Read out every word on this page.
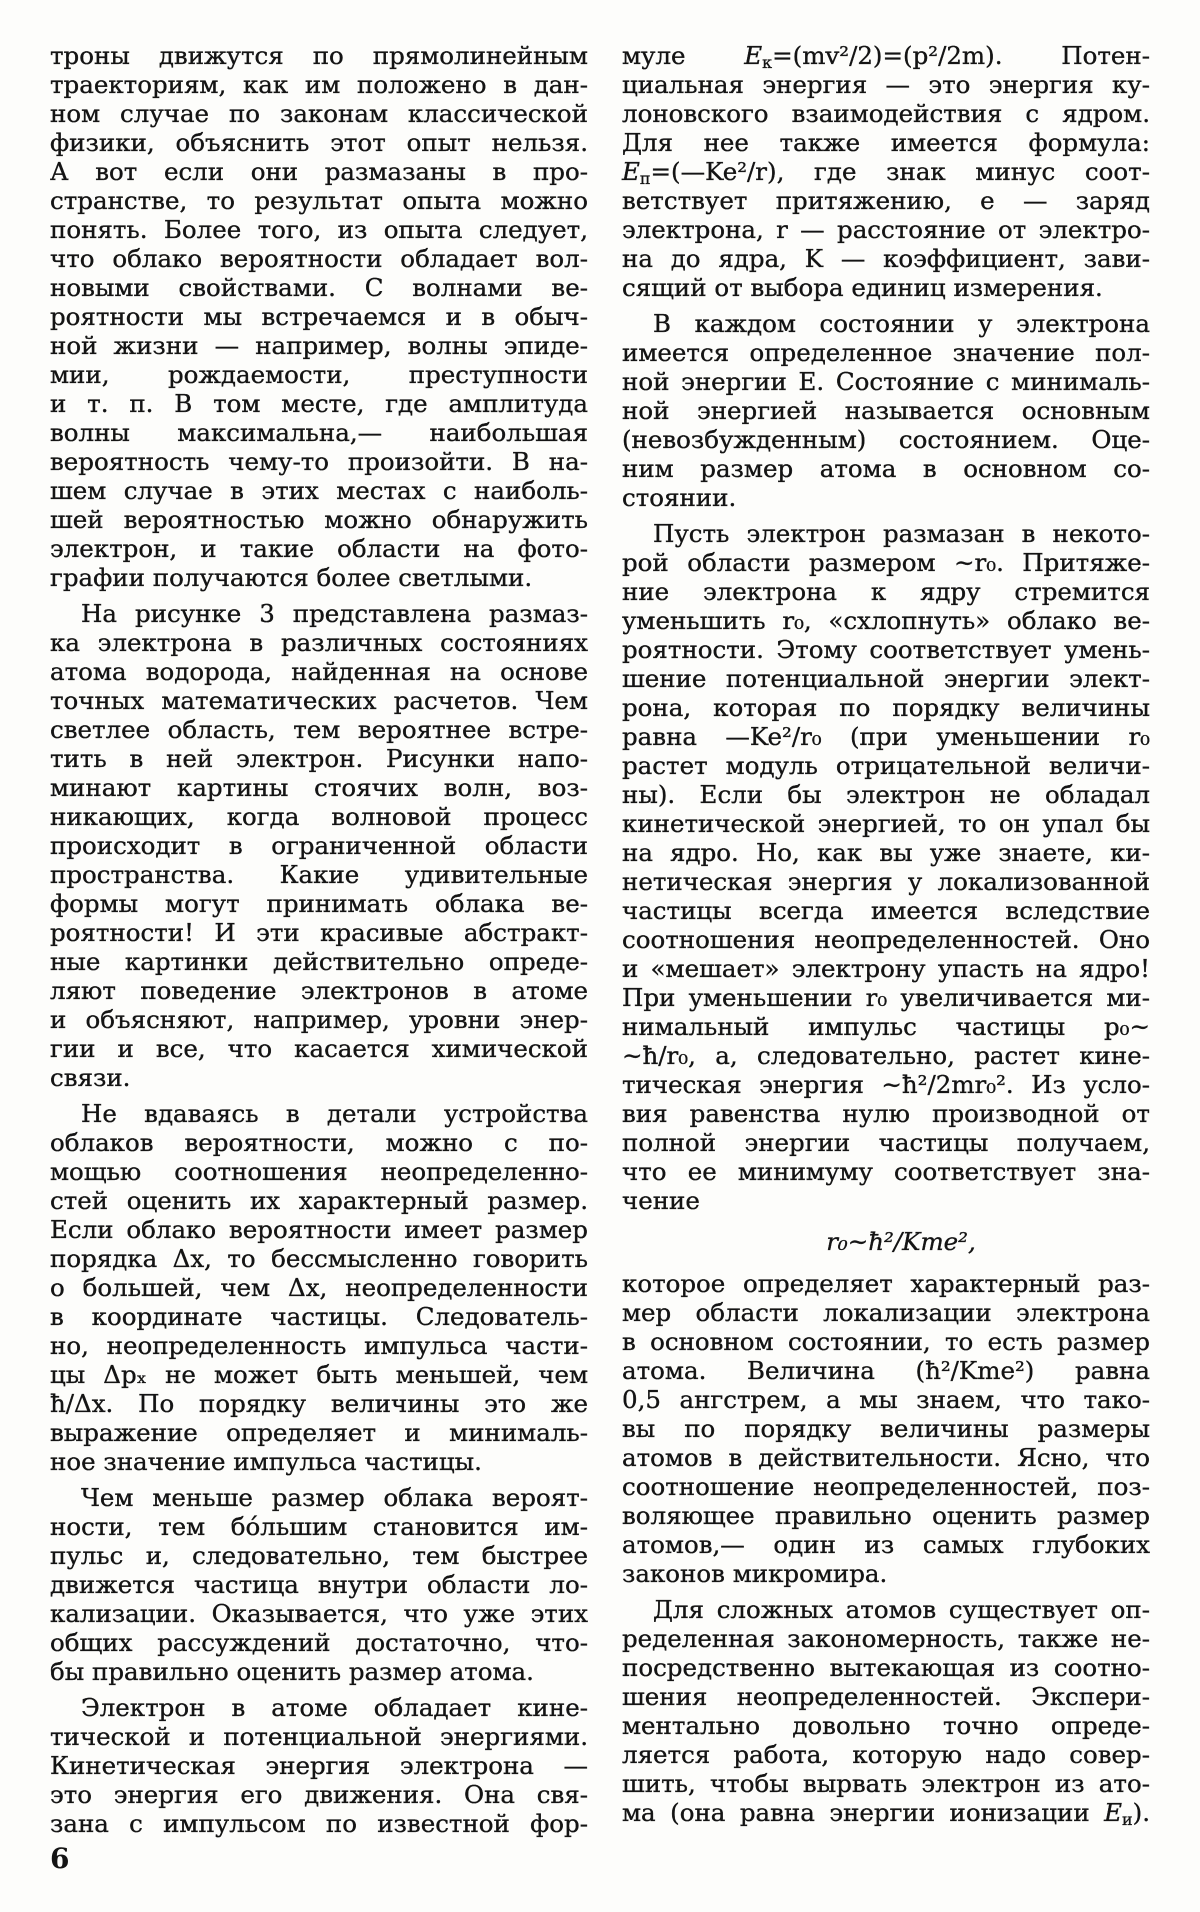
троны движутся по прямолинейным
траекториям, как им положено в дан-
ном случае по законам классической
физики, объяснить этот опыт нельзя.
А вот если они размазаны в про-
странстве, то результат опыта можно
понять. Более того, из опыта следует,
что облако вероятности обладает вол-
новыми свойствами. С волнами ве-
роятности мы встречаемся и в обыч-
ной жизни — например, волны эпиде-
мии, рождаемости, преступности
и т. п. В том месте, где амплитуда
волны максимальна,— наибольшая
вероятность чему-то произойти. В на-
шем случае в этих местах с наиболь-
шей вероятностью можно обнаружить
электрон, и такие области на фото-
графии получаются более светлыми.
На рисунке 3 представлена размаз-
ка электрона в различных состояниях
атома водорода, найденная на основе
точных математических расчетов. Чем
светлее область, тем вероятнее встре-
тить в ней электрон. Рисунки напо-
минают картины стоячих волн, воз-
никающих, когда волновой процесс
происходит в ограниченной области
пространства. Какие удивительные
формы могут принимать облака ве-
роятности! И эти красивые абстракт-
ные картинки действительно опреде-
ляют поведение электронов в атоме
и объясняют, например, уровни энер-
гии и все, что касается химической
связи.
Не вдаваясь в детали устройства
облаков вероятности, можно с по-
мощью соотношения неопределенно-
стей оценить их характерный размер.
Если облако вероятности имеет размер
порядка Δx, то бессмысленно говорить
о большей, чем Δx, неопределенности
в координате частицы. Следователь-
но, неопределенность импульса части-
цы Δpₓ не может быть меньшей, чем
ħ/Δx. По порядку величины это же
выражение определяет и минималь-
ное значение импульса частицы.
Чем меньше размер облака вероят-
ности, тем бóльшим становится им-
пульс и, следовательно, тем быстрее
движется частица внутри области ло-
кализации. Оказывается, что уже этих
общих рассуждений достаточно, что-
бы правильно оценить размер атома.
Электрон в атоме обладает кине-
тической и потенциальной энергиями.
Кинетическая энергия электрона —
это энергия его движения. Она свя-
зана с импульсом по известной фор-
муле $E_к=(mv^2/2)=(p^2/2m)$. Потен-
циальная энергия — это энергия ку-
лоновского взаимодействия с ядром.
Для нее также имеется формула:
$E_п=(—Ke^2/r)$, где знак минус соот-
ветствует притяжению, e — заряд
электрона, r — расстояние от электро-
на до ядра, K — коэффициент, зави-
сящий от выбора единиц измерения.
В каждом состоянии у электрона
имеется определенное значение пол-
ной энергии E. Состояние с минималь-
ной энергией называется основным
(невозбужденным) состоянием. Оце-
ним размер атома в основном со-
стоянии.
Пусть электрон размазан в некото-
рой области размером ~r₀. Притяже-
ние электрона к ядру стремится
уменьшить r₀, «схлопнуть» облако ве-
роятности. Этому соответствует умень-
шение потенциальной энергии элект-
рона, которая по порядку величины
равна —Ke²/r₀ (при уменьшении r₀
растет модуль отрицательной величи-
ны). Если бы электрон не обладал
кинетической энергией, то он упал бы
на ядро. Но, как вы уже знаете, ки-
нетическая энергия у локализованной
частицы всегда имеется вследствие
соотношения неопределенностей. Оно
и «мешает» электрону упасть на ядро!
При уменьшении r₀ увеличивается ми-
нимальный импульс частицы p₀~
~ħ/r₀, а, следовательно, растет кине-
тическая энергия ~ħ²/2mr₀². Из усло-
вия равенства нулю производной от
полной энергии частицы получаем,
что ее минимуму соответствует зна-
чение
r₀~ħ²/Kme²,
которое определяет характерный раз-
мер области локализации электрона
в основном состоянии, то есть размер
атома. Величина (ħ²/Kme²) равна
0,5 ангстрем, а мы знаем, что тако-
вы по порядку величины размеры
атомов в действительности. Ясно, что
соотношение неопределенностей, поз-
воляющее правильно оценить размер
атомов,— один из самых глубоких
законов микромира.
Для сложных атомов существует оп-
ределенная закономерность, также не-
посредственно вытекающая из соотно-
шения неопределенностей. Экспери-
ментально довольно точно опреде-
ляется работа, которую надо совер-
шить, чтобы вырвать электрон из ато-
ма (она равна энергии ионизации $E_и$).
6
